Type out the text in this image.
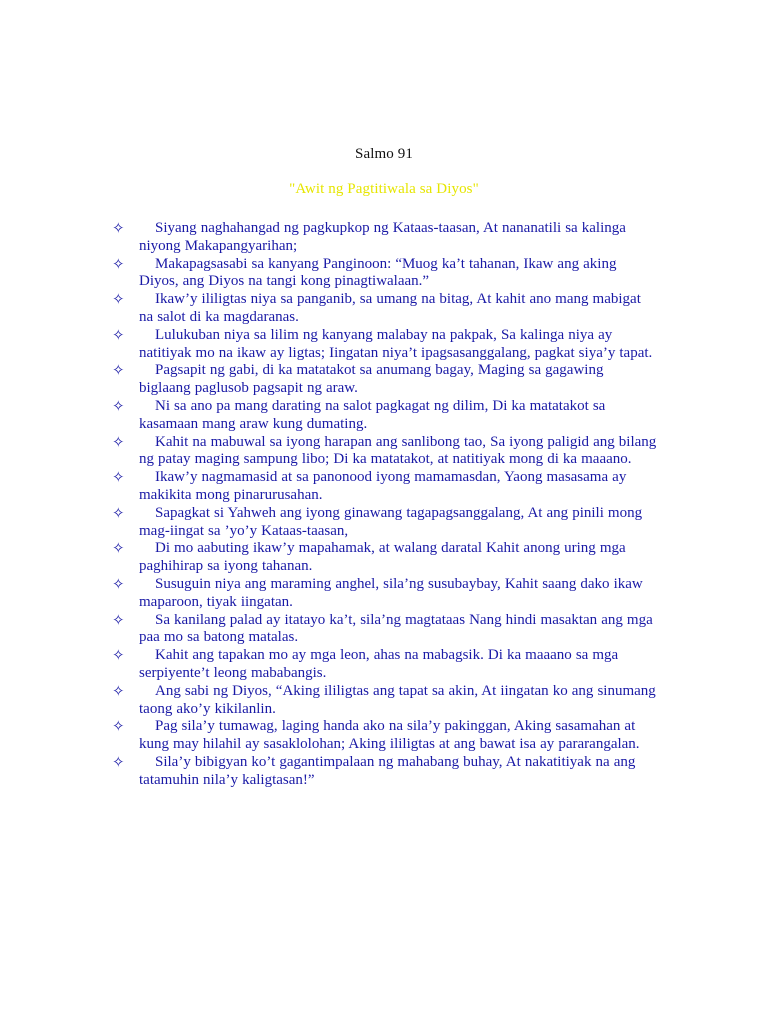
Salmo 91
"Awit ng Pagtitiwala sa Diyos"
✧	Siyang naghahangad ng pagkupkop ng Kataas-taasan, At nananatili sa kalinga niyong Makapangyarihan;
✧	Makapagsasabi sa kanyang Panginoon: “Muog ka’t tahanan, Ikaw ang aking Diyos, ang Diyos na tangi kong pinagtiwalaan.”
✧	Ikaw’y ililigtas niya sa panganib, sa umang na bitag, At kahit ano mang mabigat na salot di ka magdaranas.
✧	Lulukuban niya sa lilim ng kanyang malabay na pakpak, Sa kalinga niya ay natitiyak mo na ikaw ay ligtas; Iingatan niya’t ipagsasanggalang, pagkat siya’y tapat.
✧	Pagsapit ng gabi, di ka matatakot sa anumang bagay, Maging sa gagawing biglaang paglusob pagsapit ng araw.
✧	Ni sa ano pa mang darating na salot pagkagat ng dilim, Di ka matatakot sa kasamaan mang araw kung dumating.
✧	Kahit na mabuwal sa iyong harapan ang sanlibong tao, Sa iyong paligid ang bilang ng patay maging sampung libo; Di ka matatakot, at natitiyak mong di ka maaano.
✧	Ikaw’y nagmamasid at sa panonood iyong mamamasdan, Yaong masasama ay makikita mong pinarurusahan.
✧	Sapagkat si Yahweh ang iyong ginawang tagapagsanggalang, At ang pinili mong mag-iingat sa ’yo’y Kataas-taasan,
✧	Di mo aabuting ikaw’y mapahamak, at walang daratal Kahit anong uring mga paghihirap sa iyong tahanan.
✧	Susuguin niya ang maraming anghel, sila’ng susubaybay, Kahit saang dako ikaw maparoon, tiyak iingatan.
✧	Sa kanilang palad ay itatayo ka’t, sila’ng magtataas Nang hindi masaktan ang mga paa mo sa batong matalas.
✧	Kahit ang tapakan mo ay mga leon, ahas na mabagsik. Di ka maaano sa mga serpiyente’t leong mababangis.
✧	Ang sabi ng Diyos, “Aking ililigtas ang tapat sa akin, At iingatan ko ang sinumang taong ako’y kikilanlin.
✧	Pag sila’y tumawag, laging handa ako na sila’y pakinggan, Aking sasamahan at kung may hilahil ay sasaklolohan; Aking ililigtas at ang bawat isa ay pararangalan.
✧	Sila’y bibigyan ko’t gagantimpalaan ng mahabang buhay, At nakatitiyak na ang tatamuhin nila’y kaligtasan!”
